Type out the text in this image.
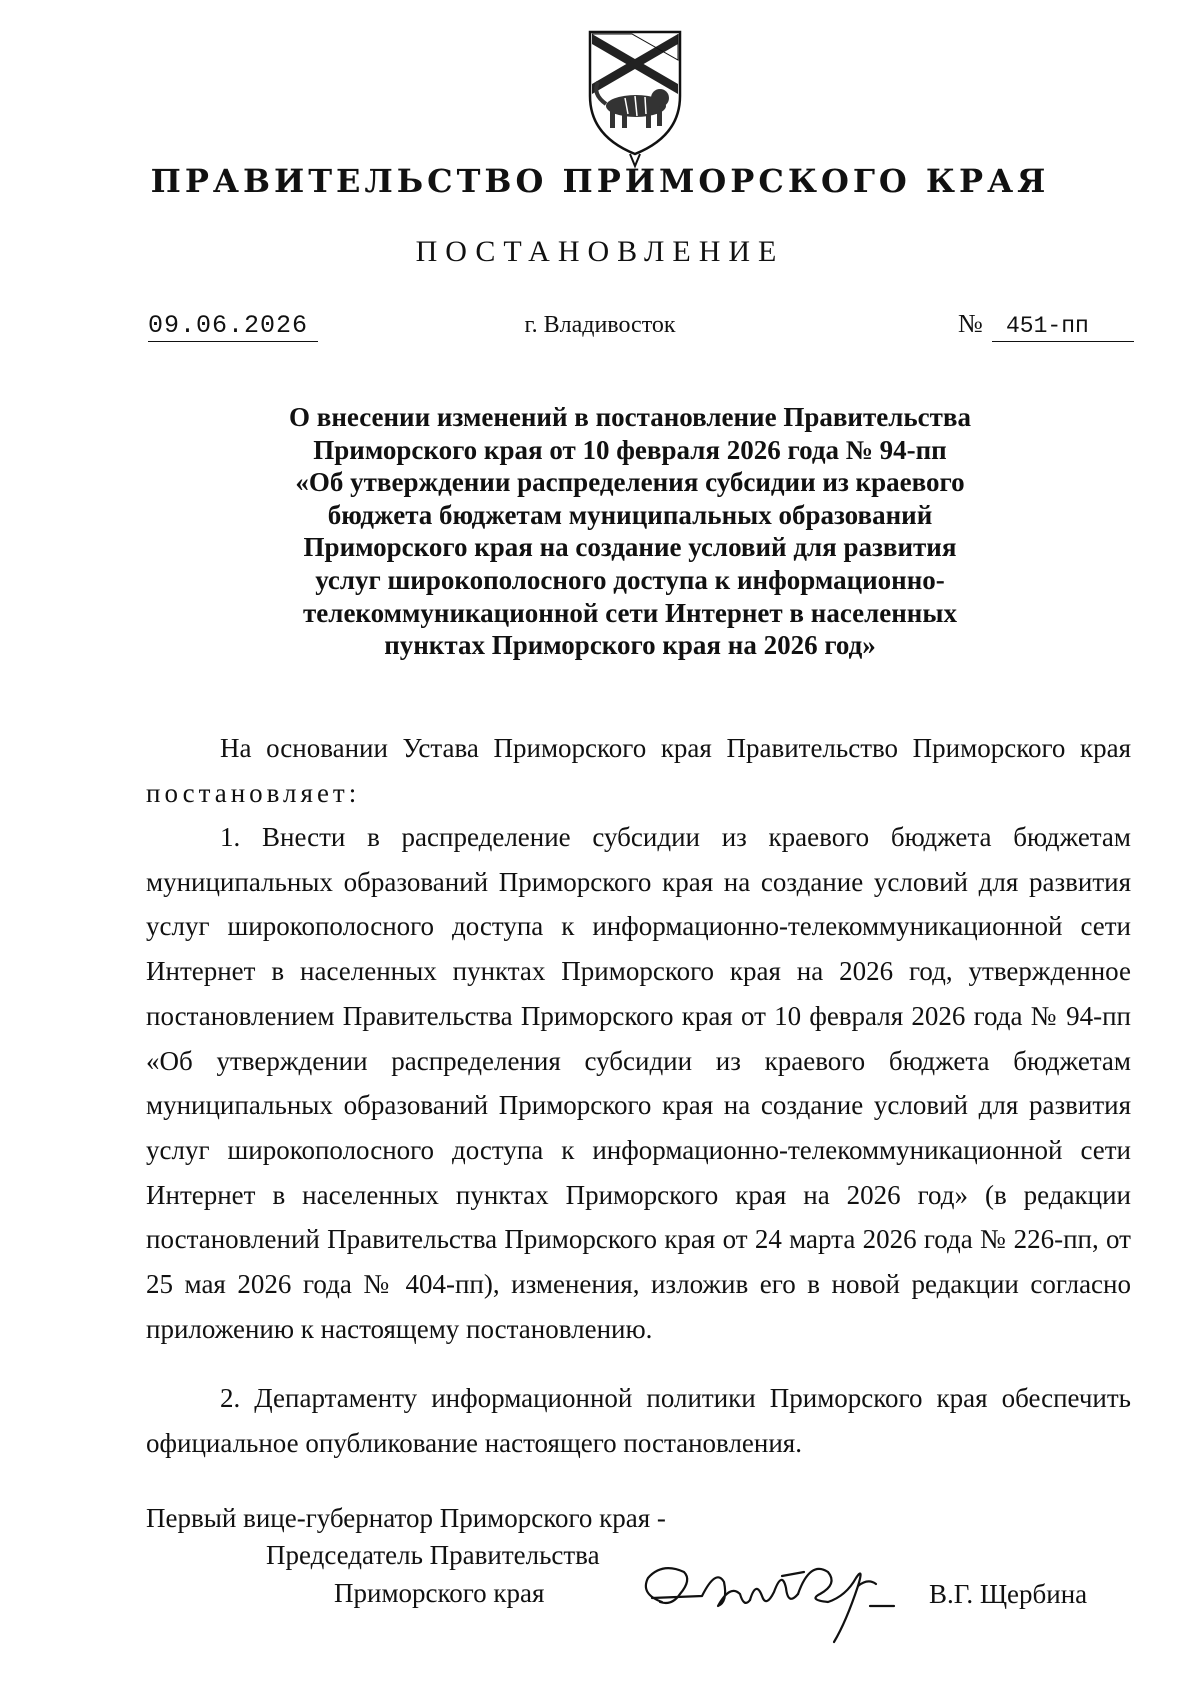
ПРАВИТЕЛЬСТВО ПРИМОРСКОГО КРАЯ
ПОСТАНОВЛЕНИЕ
09.06.2026	г. Владивосток	№	451-пп
О внесении изменений в постановление Правительства
Приморского края от 10 февраля 2026 года № 94-пп
«Об утверждении распределения субсидии из краевого
бюджета бюджетам муниципальных образований
Приморского края на создание условий для развития
услуг широкополосного доступа к информационно-
телекоммуникационной сети Интернет в населенных
пунктах Приморского края на 2026 год»
На основании Устава Приморского края Правительство Приморского края постановляет:
1. Внести в распределение субсидии из краевого бюджета бюджетам муниципальных образований Приморского края на создание условий для развития услуг широкополосного доступа к информационно-телекоммуникационной сети Интернет в населенных пунктах Приморского края на 2026 год, утвержденное постановлением Правительства Приморского края от 10 февраля 2026 года № 94-пп «Об утверждении распределения субсидии из краевого бюджета бюджетам муниципальных образований Приморского края на создание условий для развития услуг широкополосного доступа к информационно-телекоммуникационной сети Интернет в населенных пунктах Приморского края на 2026 год» (в редакции постановлений Правительства Приморского края от 24 марта 2026 года № 226-пп, от 25 мая 2026 года № 404-пп), изменения, изложив его в новой редакции согласно приложению к настоящему постановлению.
2. Департаменту информационной политики Приморского края обеспечить официальное опубликование настоящего постановления.
Первый вице-губернатор Приморского края -
Председатель Правительства
Приморского края	В.Г. Щербина
